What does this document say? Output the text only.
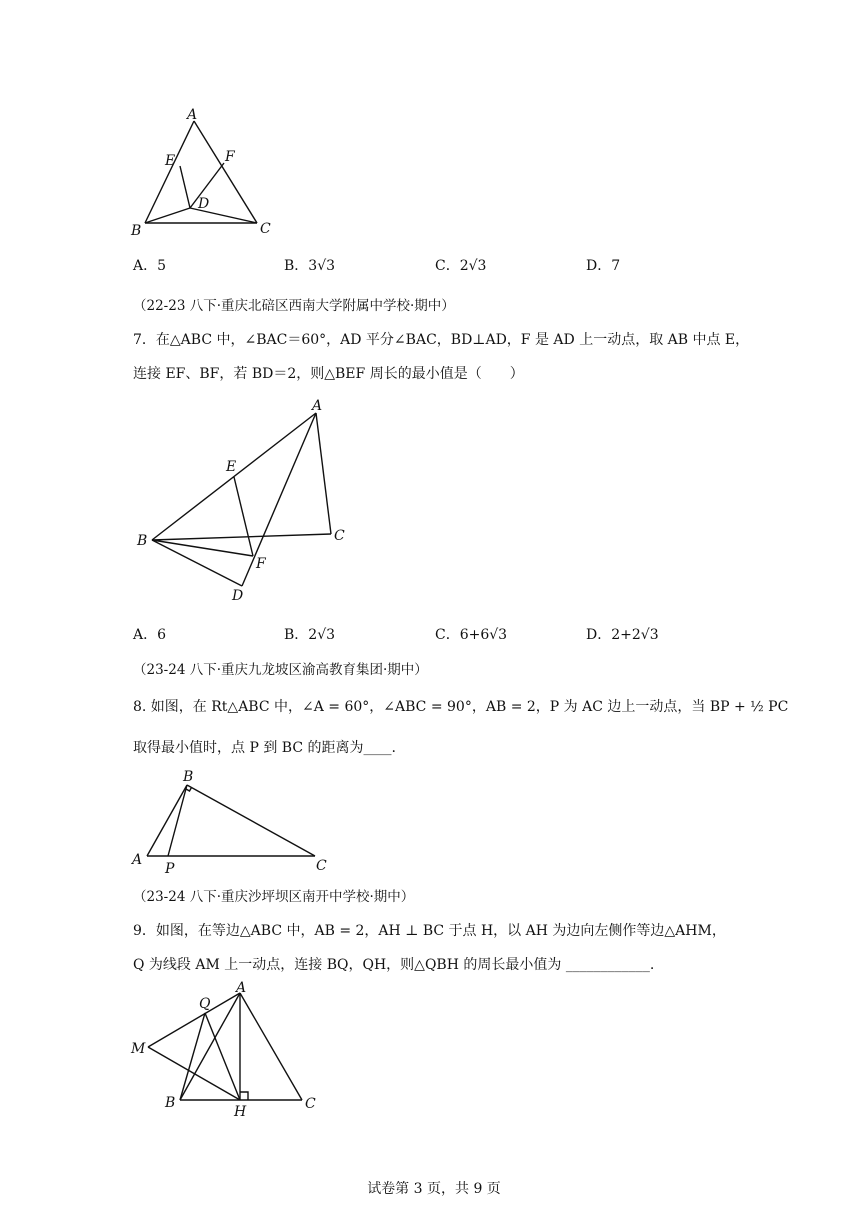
A
E	F
D
B	C
A．5	B．3√3	C．2√3	D．7
（22-23 八下·重庆北碚区西南大学附属中学校·期中）
7．在△ABC 中，∠BAC＝60°，AD 平分∠BAC，BD⊥AD，F 是 AD 上一动点，取 AB 中点 E，
连接 EF、BF，若 BD＝2，则△BEF 周长的最小值是（　　）
A
E
C
B
F
D
A．6	B．2√3	C．6+6√3	D．2+2√3
（23-24 八下·重庆九龙坡区渝高教育集团·期中）
8. 如图，在 Rt△ABC 中，∠A = 60°，∠ABC = 90°，AB = 2，P 为 AC 边上一动点，当 BP + ½ PC
取得最小值时，点 P 到 BC 的距离为____.
B
A
P	C
（23-24 八下·重庆沙坪坝区南开中学校·期中）
9．如图，在等边△ABC 中，AB = 2，AH ⊥ BC 于点 H，以 AH 为边向左侧作等边△AHM，
Q 为线段 AM 上一动点，连接 BQ，QH，则△QBH 的周长最小值为 ____________.
A
Q
M
B
H	C
试卷第 3 页，共 9 页
